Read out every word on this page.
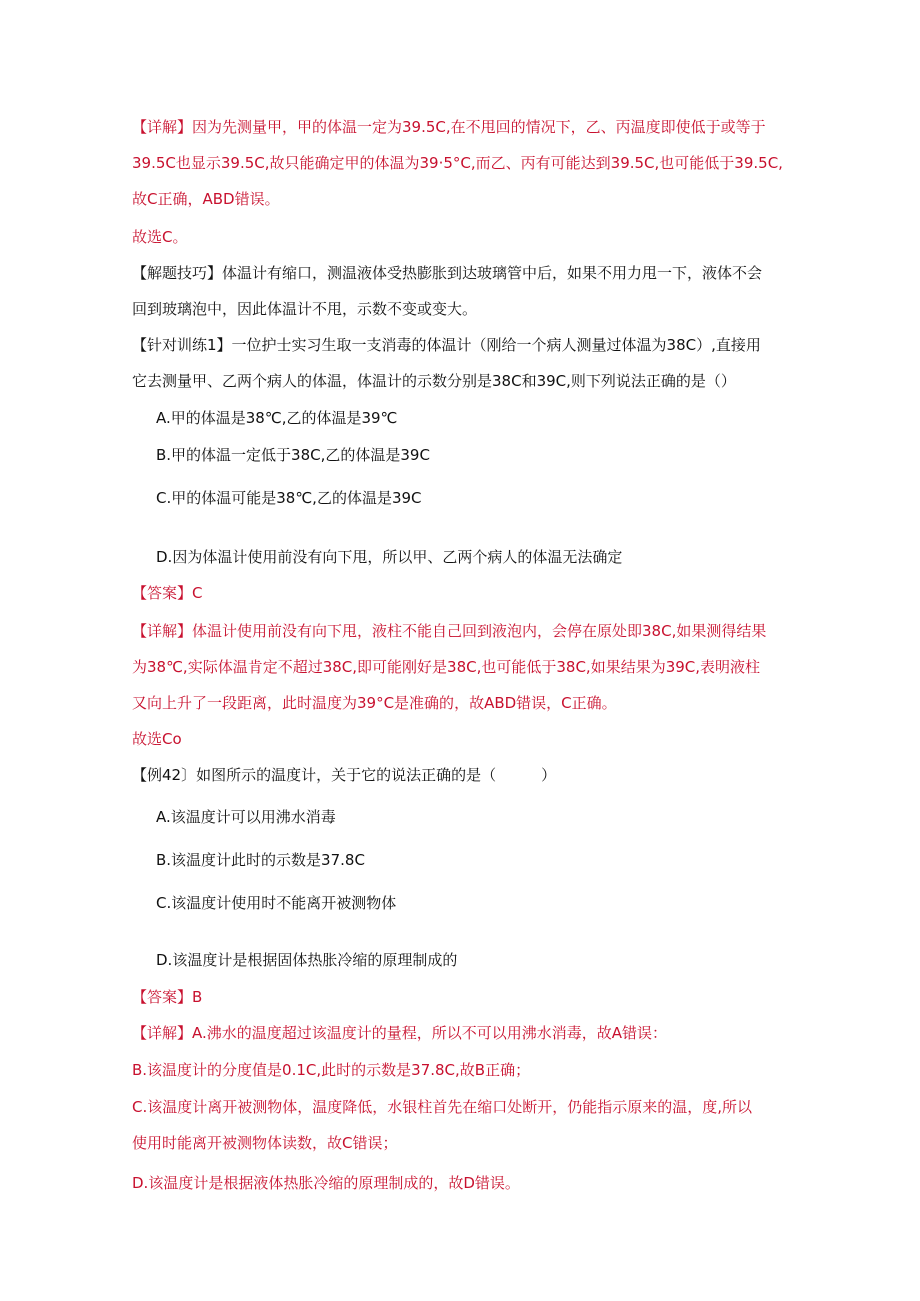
【详解】因为先测量甲，甲的体温一定为39.5C,在不甩回的情况下，乙、丙温度即使低于或等于
39.5C也显示39.5C,故只能确定甲的体温为39·5°C,而乙、丙有可能达到39.5C,也可能低于39.5C,
故C正确，ABD错误。
故选C。
【解题技巧】体温计有缩口，测温液体受热膨胀到达玻璃管中后，如果不用力甩一下，液体不会
回到玻璃泡中，因此体温计不甩，示数不变或变大。
【针对训练1】一位护士实习生取一支消毒的体温计（刚给一个病人测量过体温为38C）,直接用
它去测量甲、乙两个病人的体温，体温计的示数分别是38C和39C,则下列说法正确的是（）
A.甲的体温是38℃,乙的体温是39℃
B.甲的体温一定低于38C,乙的体温是39C
C.甲的体温可能是38℃,乙的体温是39C
D.因为体温计使用前没有向下甩，所以甲、乙两个病人的体温无法确定
【答案】C
【详解】体温计使用前没有向下甩，液柱不能自己回到液泡内，会停在原处即38C,如果测得结果
为38℃,实际体温肯定不超过38C,即可能刚好是38C,也可能低于38C,如果结果为39C,表明液柱
又向上升了一段距离，此时温度为39°C是准确的，故ABD错误，C正确。
故选Co
【例42〕如图所示的温度计，关于它的说法正确的是（　　　）
A.该温度计可以用沸水消毒
B.该温度计此时的示数是37.8C
C.该温度计使用时不能离开被测物体
D.该温度计是根据固体热胀冷缩的原理制成的
【答案】B
【详解】A.沸水的温度超过该温度计的量程，所以不可以用沸水消毒，故A错误：
B.该温度计的分度值是0.1C,此时的示数是37.8C,故B正确；
C.该温度计离开被测物体，温度降低，水银柱首先在缩口处断开，仍能指示原来的温，度,所以
使用时能离开被测物体读数，故C错误；
D.该温度计是根据液体热胀冷缩的原理制成的，故D错误。
